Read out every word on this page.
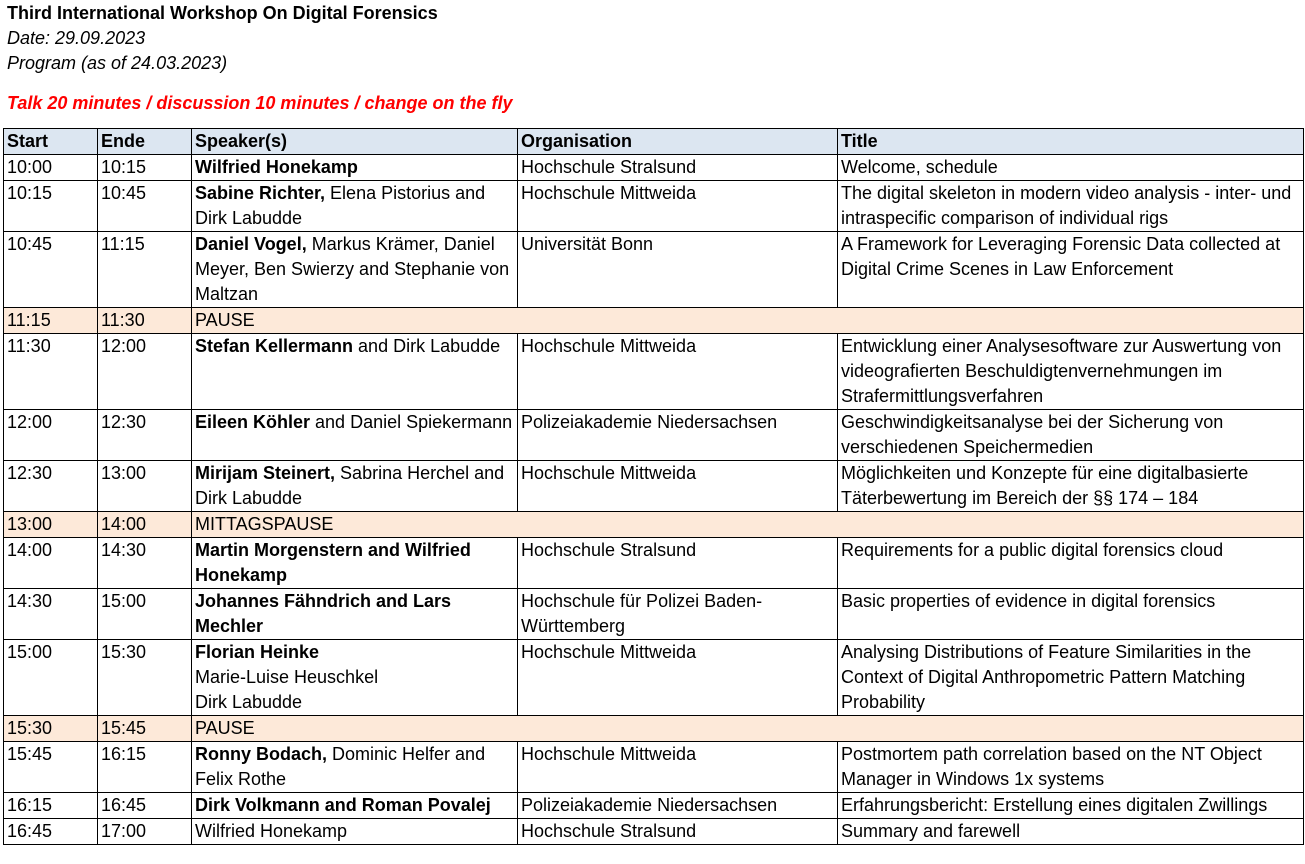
Third International Workshop On Digital Forensics
Date: 29.09.2023
Program (as of 24.03.2023)
Talk 20 minutes / discussion 10 minutes / change on the fly
Start	Ende	Speaker(s)	Organisation	Title
10:00	10:15	Wilfried Honekamp	Hochschule Stralsund	Welcome, schedule
10:15	10:45	Sabine Richter, Elena Pistorius and Dirk Labudde	Hochschule Mittweida	The digital skeleton in modern video analysis - inter- und intraspecific comparison of individual rigs
10:45	11:15	Daniel Vogel, Markus Krämer, Daniel Meyer, Ben Swierzy and Stephanie von Maltzan	Universität Bonn	A Framework for Leveraging Forensic Data collected at Digital Crime Scenes in Law Enforcement
11:15	11:30	PAUSE		
11:30	12:00	Stefan Kellermann and Dirk Labudde	Hochschule Mittweida	Entwicklung einer Analysesoftware zur Auswertung von videografierten Beschuldigtenvernehmungen im Strafermittlungsverfahren
12:00	12:30	Eileen Köhler and Daniel Spiekermann	Polizeiakademie Niedersachsen	Geschwindigkeitsanalyse bei der Sicherung von verschiedenen Speichermedien
12:30	13:00	Mirijam Steinert, Sabrina Herchel and Dirk Labudde	Hochschule Mittweida	Möglichkeiten und Konzepte für eine digitalbasierte Täterbewertung im Bereich der §§ 174 – 184
13:00	14:00	MITTAGSPAUSE		
14:00	14:30	Martin Morgenstern and Wilfried Honekamp	Hochschule Stralsund	Requirements for a public digital forensics cloud
14:30	15:00	Johannes Fähndrich and Lars Mechler	Hochschule für Polizei Baden-Württemberg	Basic properties of evidence in digital forensics
15:00	15:30	Florian Heinke
Marie-Luise Heuschkel
Dirk Labudde	Hochschule Mittweida	Analysing Distributions of Feature Similarities in the Context of Digital Anthropometric Pattern Matching Probability
15:30	15:45	PAUSE		
15:45	16:15	Ronny Bodach, Dominic Helfer and Felix Rothe	Hochschule Mittweida	Postmortem path correlation based on the NT Object Manager in Windows 1x systems
16:15	16:45	Dirk Volkmann and Roman Povalej	Polizeiakademie Niedersachsen	Erfahrungsbericht: Erstellung eines digitalen Zwillings
16:45	17:00	Wilfried Honekamp	Hochschule Stralsund	Summary and farewell
